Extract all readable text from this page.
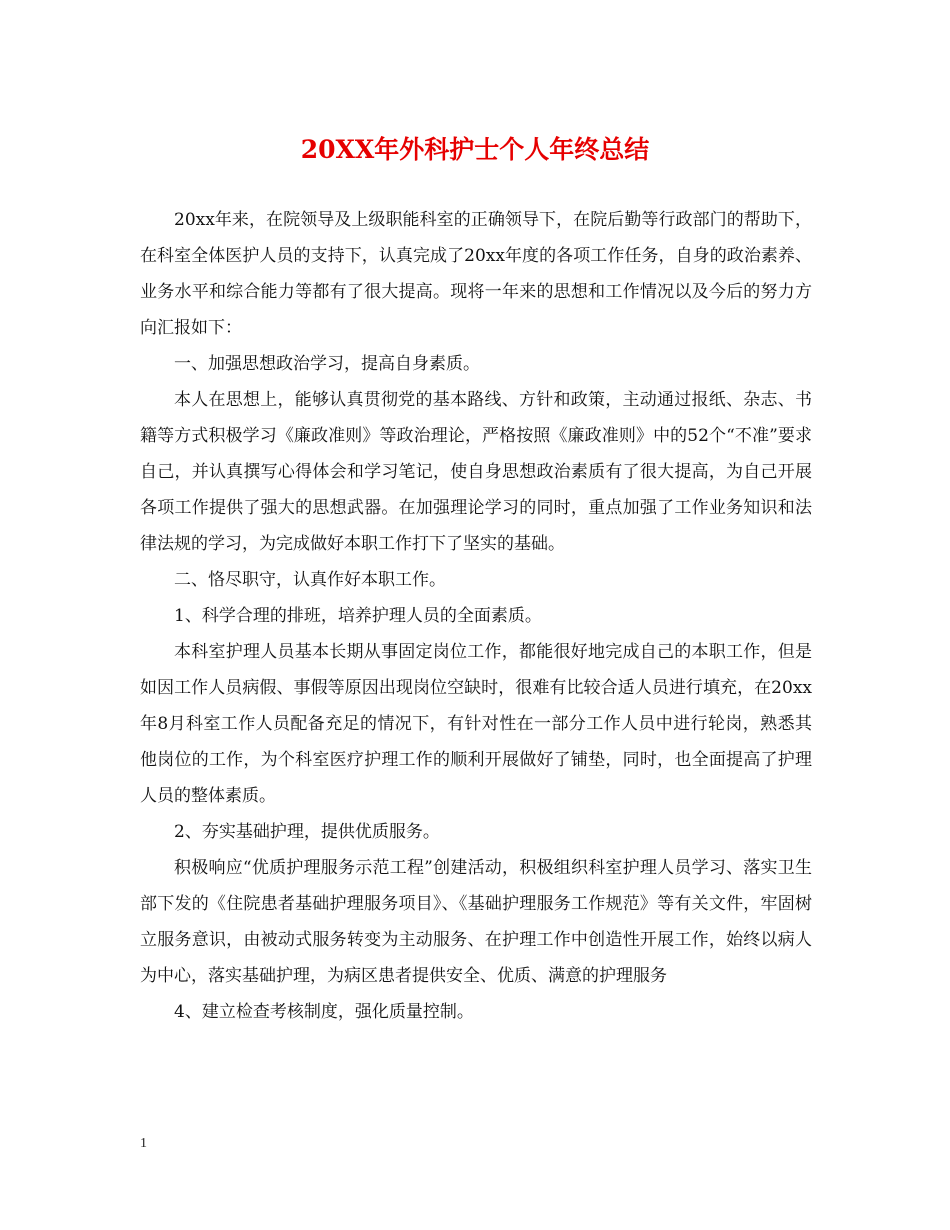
20XX年外科护士个人年终总结

20xx年来，在院领导及上级职能科室的正确领导下，在院后勤等行政部门的帮助下，在科室全体医护人员的支持下，认真完成了20xx年度的各项工作任务，自身的政治素养、业务水平和综合能力等都有了很大提高。现将一年来的思想和工作情况以及今后的努力方向汇报如下：

一、加强思想政治学习，提高自身素质。

本人在思想上，能够认真贯彻党的基本路线、方针和政策，主动通过报纸、杂志、书籍等方式积极学习《廉政准则》等政治理论，严格按照《廉政准则》中的52个“不准”要求自己，并认真撰写心得体会和学习笔记，使自身思想政治素质有了很大提高，为自己开展各项工作提供了强大的思想武器。在加强理论学习的同时，重点加强了工作业务知识和法律法规的学习，为完成做好本职工作打下了坚实的基础。

二、恪尽职守，认真作好本职工作。

1、科学合理的排班，培养护理人员的全面素质。

本科室护理人员基本长期从事固定岗位工作，都能很好地完成自己的本职工作，但是如因工作人员病假、事假等原因出现岗位空缺时，很难有比较合适人员进行填充，在20xx年8月科室工作人员配备充足的情况下，有针对性在一部分工作人员中进行轮岗，熟悉其他岗位的工作，为个科室医疗护理工作的顺利开展做好了铺垫，同时，也全面提高了护理人员的整体素质。

2、夯实基础护理，提供优质服务。

积极响应“优质护理服务示范工程”创建活动，积极组织科室护理人员学习、落实卫生部下发的《住院患者基础护理服务项目》、《基础护理服务工作规范》等有关文件，牢固树立服务意识，由被动式服务转变为主动服务、在护理工作中创造性开展工作，始终以病人为中心，落实基础护理，为病区患者提供安全、优质、满意的护理服务

4、建立检查考核制度，强化质量控制。

1
